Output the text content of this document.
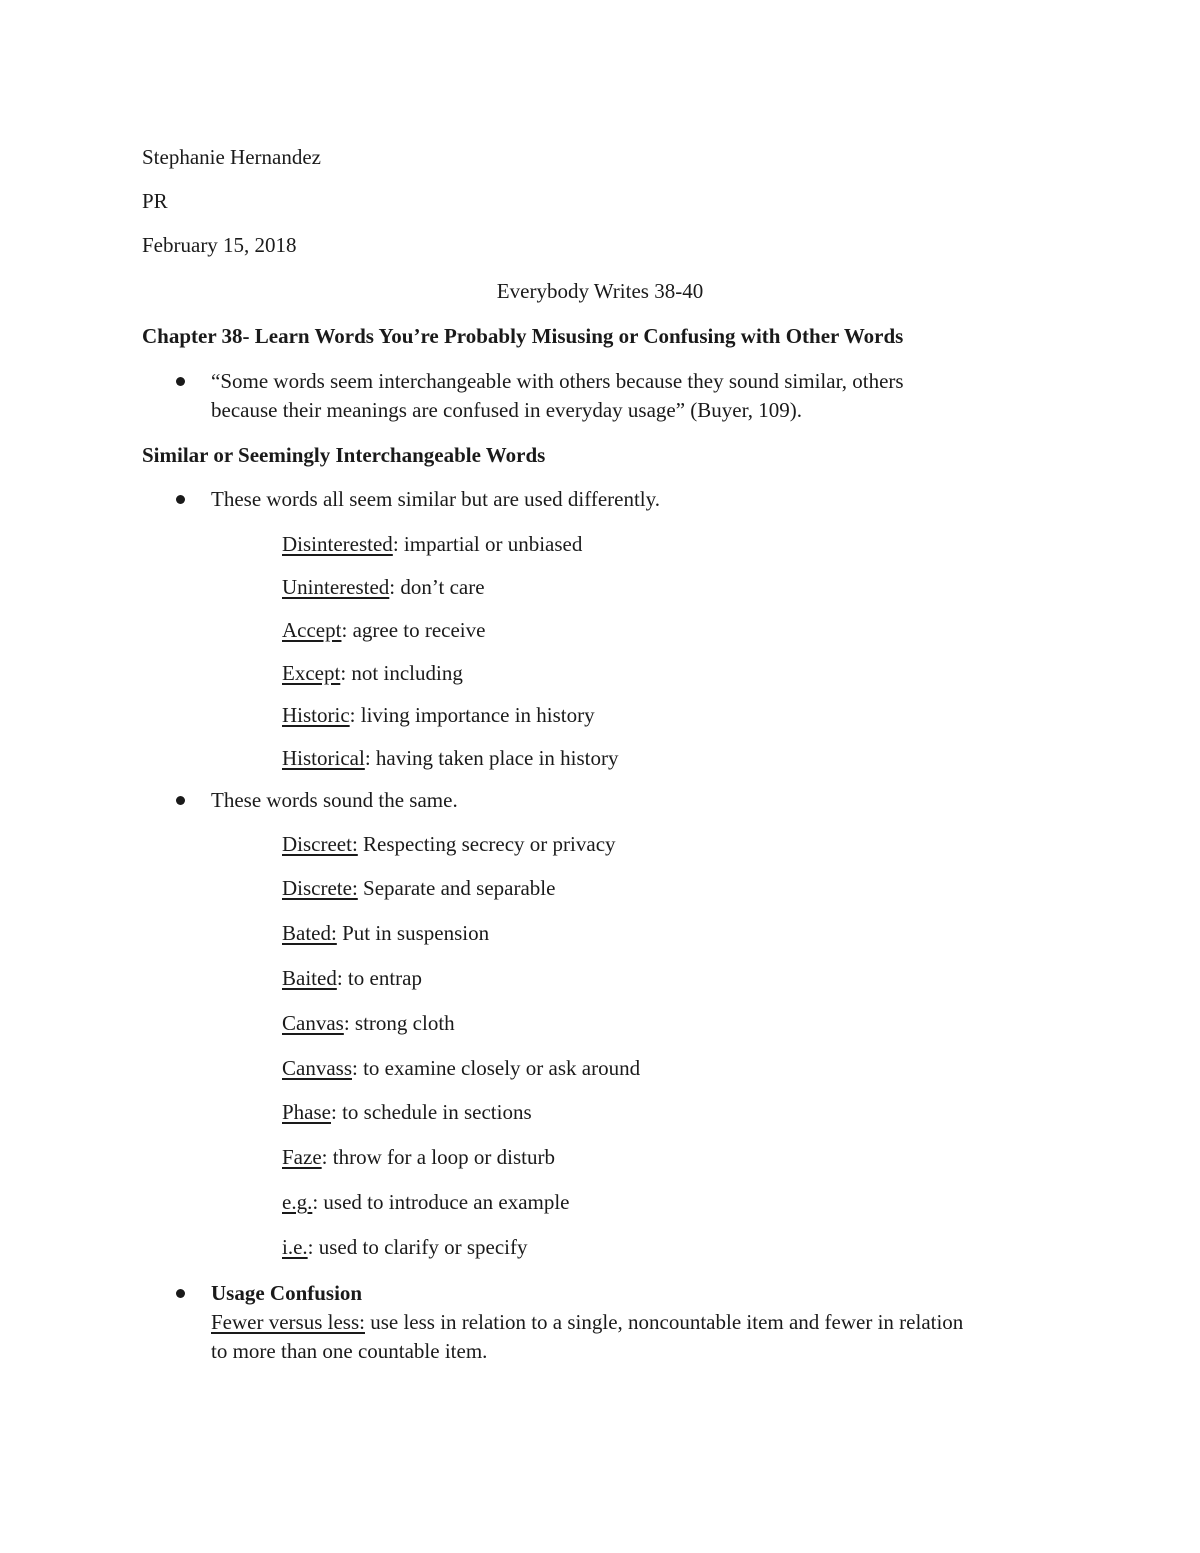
Stephanie Hernandez
PR
February 15, 2018
Everybody Writes 38-40
Chapter 38- Learn Words You’re Probably Misusing or Confusing with Other Words
“Some words seem interchangeable with others because they sound similar, others
because their meanings are confused in everyday usage” (Buyer, 109).
Similar or Seemingly Interchangeable Words
These words all seem similar but are used differently.
Disinterested: impartial or unbiased
Uninterested: don’t care
Accept: agree to receive
Except: not including
Historic: living importance in history
Historical: having taken place in history
These words sound the same.
Discreet: Respecting secrecy or privacy
Discrete: Separate and separable
Bated: Put in suspension
Baited: to entrap
Canvas: strong cloth
Canvass: to examine closely or ask around
Phase: to schedule in sections
Faze: throw for a loop or disturb
e.g.: used to introduce an example
i.e.: used to clarify or specify
Usage Confusion
Fewer versus less: use less in relation to a single, noncountable item and fewer in relation
to more than one countable item.
